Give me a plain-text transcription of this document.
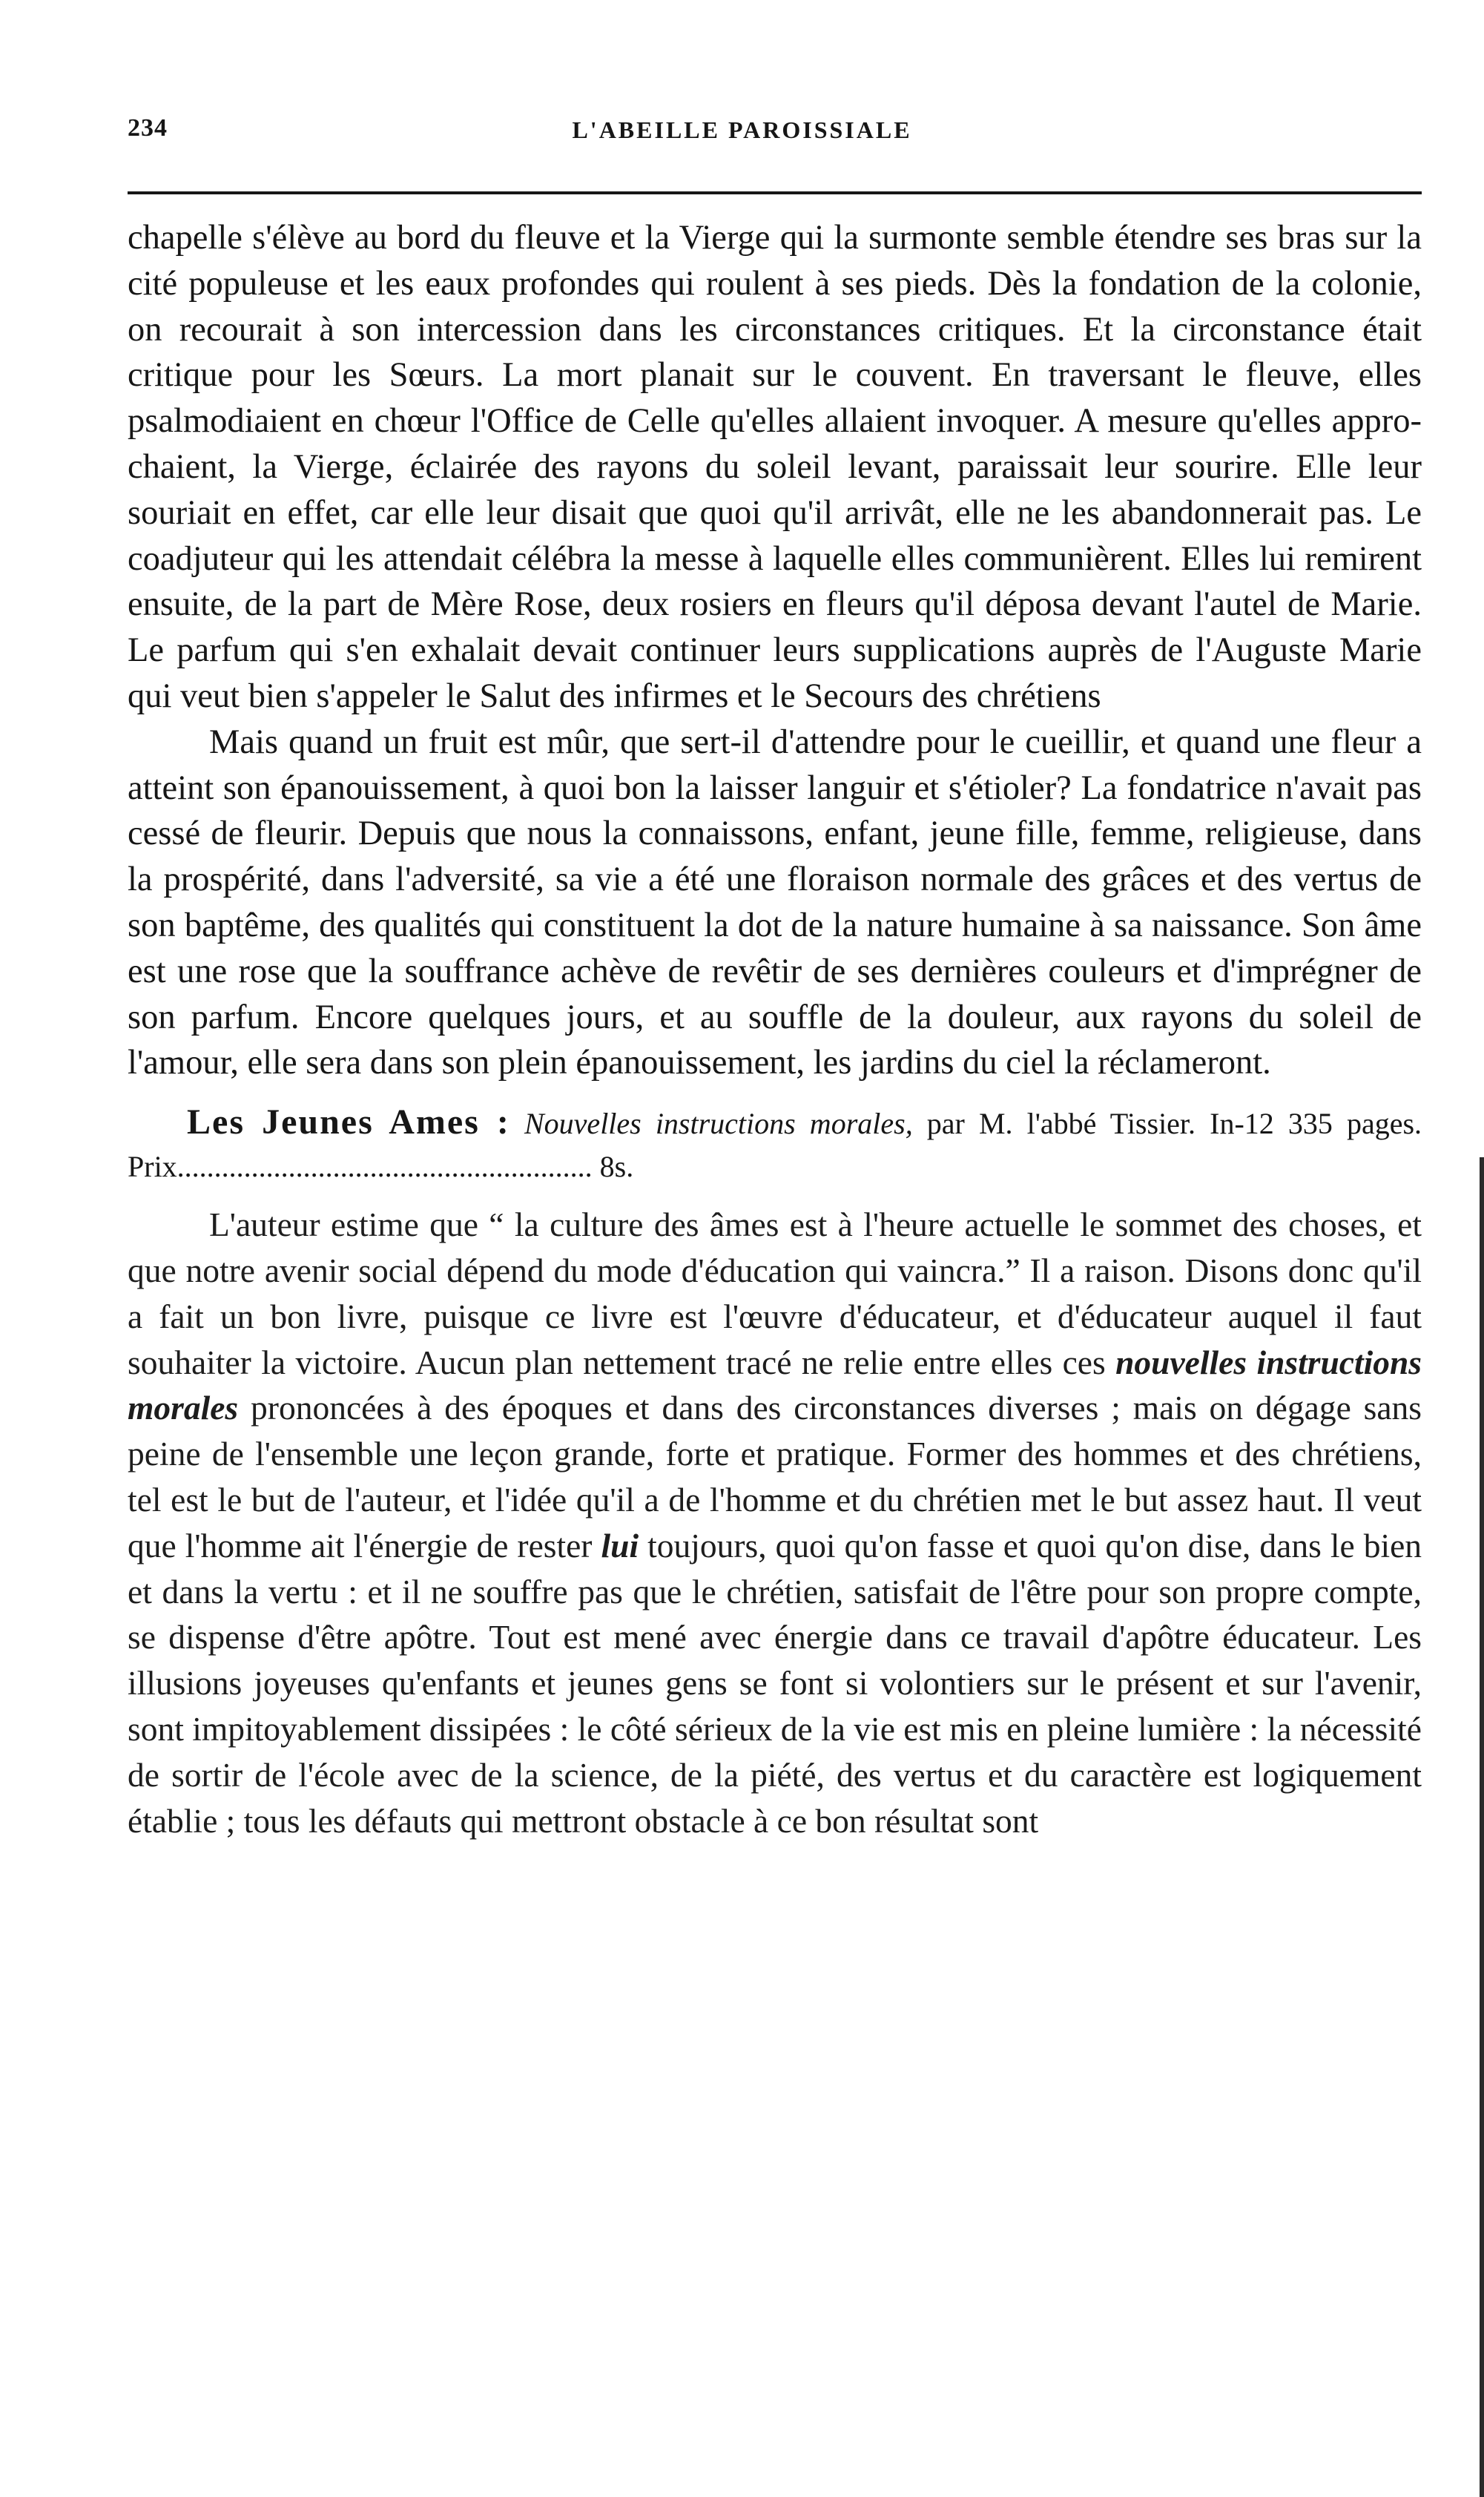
234	L'ABEILLE PAROISSIALE

chapelle s'élève au bord du fleuve et la Vierge qui la surmonte semble étendre ses bras sur la cité populeuse et les eaux profondes qui roulent à ses pieds. Dès la fondation de la colonie, on recourait à son intercession dans les circonstances critiques. Et la circonstance était critique pour les Sœurs. La mort planait sur le couvent. En traversant le fleuve, elles psalmodiaient en chœur l'Office de Celle qu'elles allaient invoquer. A mesure qu'elles approchaient, la Vierge, éclairée des rayons du soleil levant, paraissait leur sourire. Elle leur souriait en effet, car elle leur disait que quoi qu'il arrivât, elle ne les abandonnerait pas. Le coadjuteur qui les attendait célébra la messe à laquelle elles communièrent. Elles lui remirent ensuite, de la part de Mère Rose, deux rosiers en fleurs qu'il déposa devant l'autel de Marie. Le parfum qui s'en exhalait devait continuer leurs supplications auprès de l'Auguste Marie qui veut bien s'appeler le Salut des infirmes et le Secours des chrétiens

Mais quand un fruit est mûr, que sert-il d'attendre pour le cueillir, et quand une fleur a atteint son épanouissement, à quoi bon la laisser languir et s'étioler? La fondatrice n'avait pas cessé de fleurir. Depuis que nous la connaissons, enfant, jeune fille, femme, religieuse, dans la prospérité, dans l'adversité, sa vie a été une floraison normale des grâces et des vertus de son baptême, des qualités qui constituent la dot de la nature humaine à sa naissance. Son âme est une rose que la souffrance achève de revêtir de ses dernières couleurs et d'imprégner de son parfum. Encore quelques jours, et au souffle de la douleur, aux rayons du soleil de l'amour, elle sera dans son plein épanouissement, les jardins du ciel la réclameront.

Les Jeunes Ames : Nouvelles instructions morales, par M. l'abbé Tissier. In-12 335 pages. Prix........................................................ 8s.

L'auteur estime que “ la culture des âmes est à l'heure actuelle le sommet des choses, et que notre avenir social dépend du mode d'éducation qui vaincra.” Il a raison. Disons donc qu'il a fait un bon livre, puisque ce livre est l'œuvre d'éducateur, et d'éducateur auquel il faut souhaiter la victoire. Aucun plan nettement tracé ne relie entre elles ces nouvelles instructions morales prononcées à des époques et dans des circonstances diverses ; mais on dégage sans peine de l'ensemble une leçon grande, forte et pratique. Former des hommes et des chrétiens, tel est le but de l'auteur, et l'idée qu'il a de l'homme et du chrétien met le but assez haut. Il veut que l'homme ait l'énergie de rester lui toujours, quoi qu'on fasse et quoi qu'on dise, dans le bien et dans la vertu : et il ne souffre pas que le chrétien, satisfait de l'être pour son propre compte, se dispense d'être apôtre. Tout est mené avec énergie dans ce travail d'apôtre éducateur. Les illusions joyeuses qu'enfants et jeunes gens se font si volontiers sur le présent et sur l'avenir, sont impitoyablement dissipées : le côté sérieux de la vie est mis en pleine lumière : la nécessité de sortir de l'école avec de la science, de la piété, des vertus et du caractère est logiquement établie ; tous les défauts qui mettront obstacle à ce bon résultat sont
